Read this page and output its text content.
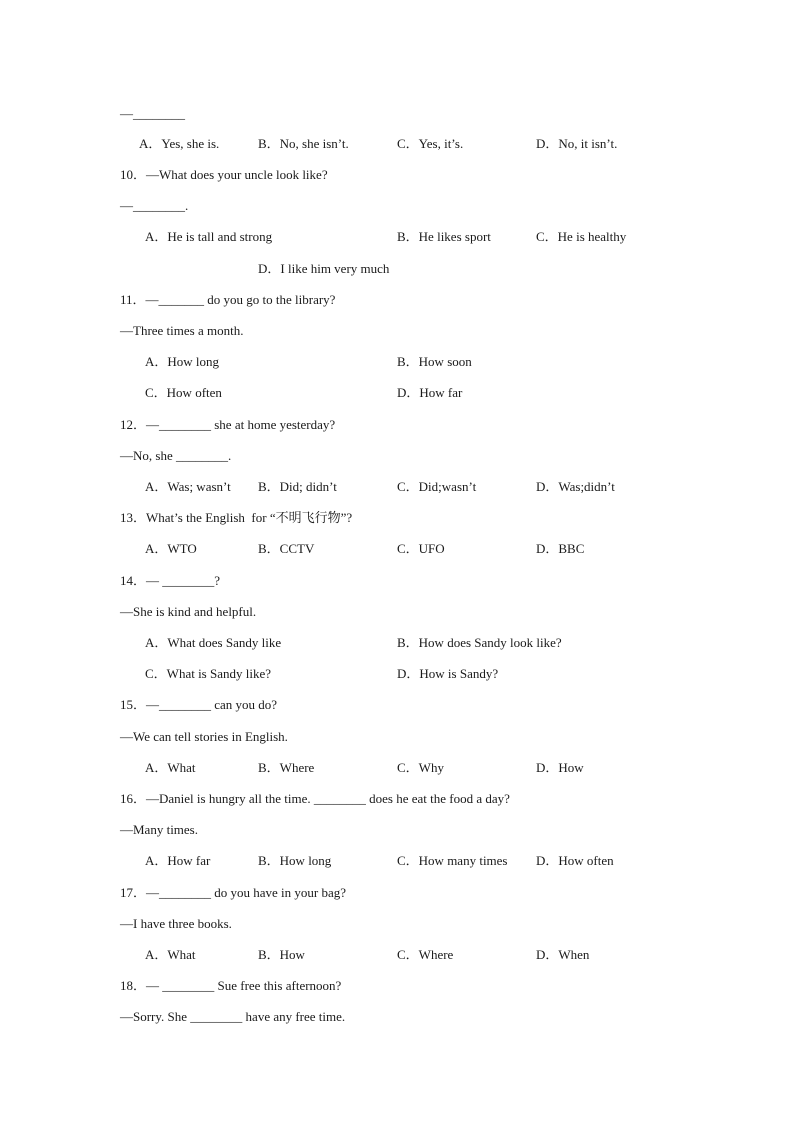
—________
A．Yes, she is.	B．No, she isn’t.	C．Yes, it’s.	D．No, it isn’t.
10．—What does your uncle look like?
—________.
A．He is tall and strong	B．He likes sport	C．He is healthy
D．I like him very much
11．—_______ do you go to the library?
—Three times a month.
A．How long	B．How soon
C．How often	D．How far
12．—________ she at home yesterday?
—No, she ________.
A．Was; wasn’t B．Did; didn’t	C．Did;wasn’t	D．Was;didn’t
13．What’s the English  for “不明飞行物”?
A．WTO	B．CCTV	C．UFO	D．BBC
14．— ________?
—She is kind and helpful.
A．What does Sandy like	B．How does Sandy look like?
C．What is Sandy like?	D．How is Sandy?
15．—________ can you do?
—We can tell stories in English.
A．What	B．Where	C．Why	D．How
16．—Daniel is hungry all the time. ________ does he eat the food a day?
—Many times.
A．How far	B．How long	C．How many times D．How often
17．—________ do you have in your bag?
—I have three books.
A．What	B．How	C．Where	D．When
18．— ________ Sue free this afternoon?
—Sorry. She ________ have any free time.
